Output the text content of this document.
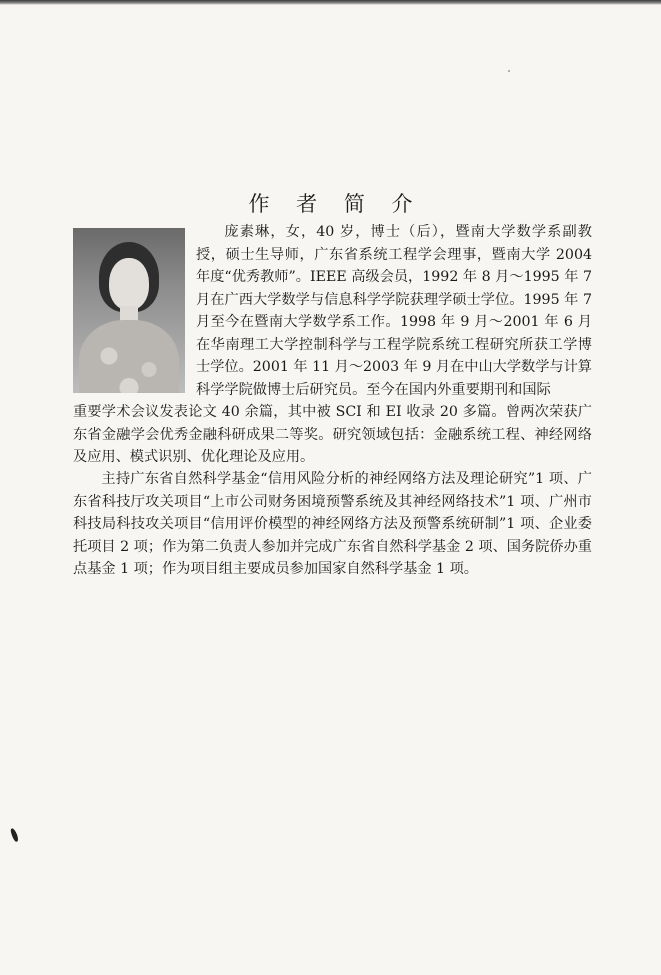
作 者 简 介

庞素琳，女，40 岁，博士（后），暨南大学数学系副教授，硕士生导师，广东省系统工程学会理事，暨南大学 2004 年度“优秀教师”。IEEE 高级会员，1992 年 8 月～1995 年 7 月在广西大学数学与信息科学学院获理学硕士学位。1995 年 7 月至今在暨南大学数学系工作。1998 年 9 月～2001 年 6 月在华南理工大学控制科学与工程学院系统工程研究所获工学博士学位。2001 年 11 月～2003 年 9 月在中山大学数学与计算科学学院做博士后研究员。至今在国内外重要期刊和国际

重要学术会议发表论文 40 余篇，其中被 SCI 和 EI 收录 20 多篇。曾两次荣获广东省金融学会优秀金融科研成果二等奖。研究领域包括：金融系统工程、神经网络及应用、模式识别、优化理论及应用。

主持广东省自然科学基金“信用风险分析的神经网络方法及理论研究”1 项、广东省科技厅攻关项目“上市公司财务困境预警系统及其神经网络技术”1 项、广州市科技局科技攻关项目“信用评价模型的神经网络方法及预警系统研制”1 项、企业委托项目 2 项；作为第二负责人参加并完成广东省自然科学基金 2 项、国务院侨办重点基金 1 项；作为项目组主要成员参加国家自然科学基金 1 项。
